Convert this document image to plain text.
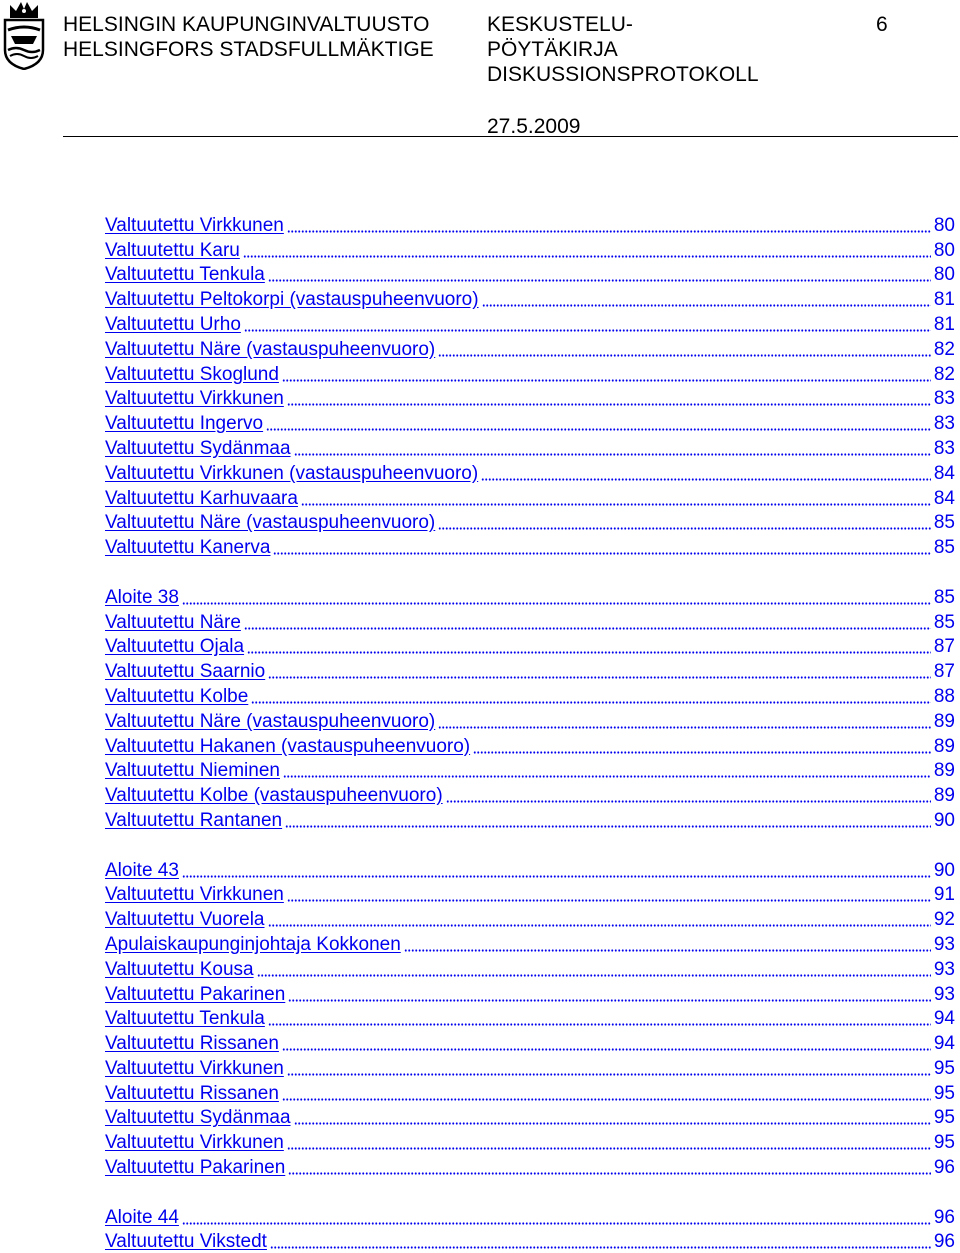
HELSINGIN KAUPUNGINVALTUUSTO
HELSINGFORS STADSFULLMÄKTIGE
KESKUSTELU-
PÖYTÄKIRJA
DISKUSSIONSPROTOKOLL
6
27.5.2009
Valtuutettu Virkkunen	80
Valtuutettu Karu	80
Valtuutettu Tenkula	80
Valtuutettu Peltokorpi (vastauspuheenvuoro)	81
Valtuutettu Urho	81
Valtuutettu Näre (vastauspuheenvuoro)	82
Valtuutettu Skoglund	82
Valtuutettu Virkkunen	83
Valtuutettu Ingervo	83
Valtuutettu Sydänmaa	83
Valtuutettu Virkkunen (vastauspuheenvuoro)	84
Valtuutettu Karhuvaara	84
Valtuutettu Näre (vastauspuheenvuoro)	85
Valtuutettu Kanerva	85
Aloite 38	85
Valtuutettu Näre	85
Valtuutettu Ojala	87
Valtuutettu Saarnio	87
Valtuutettu Kolbe	88
Valtuutettu Näre (vastauspuheenvuoro)	89
Valtuutettu Hakanen (vastauspuheenvuoro)	89
Valtuutettu Nieminen	89
Valtuutettu Kolbe (vastauspuheenvuoro)	89
Valtuutettu Rantanen	90
Aloite 43	90
Valtuutettu Virkkunen	91
Valtuutettu Vuorela	92
Apulaiskaupunginjohtaja Kokkonen	93
Valtuutettu Kousa	93
Valtuutettu Pakarinen	93
Valtuutettu Tenkula	94
Valtuutettu Rissanen	94
Valtuutettu Virkkunen	95
Valtuutettu Rissanen	95
Valtuutettu Sydänmaa	95
Valtuutettu Virkkunen	95
Valtuutettu Pakarinen	96
Aloite 44	96
Valtuutettu Vikstedt	96
